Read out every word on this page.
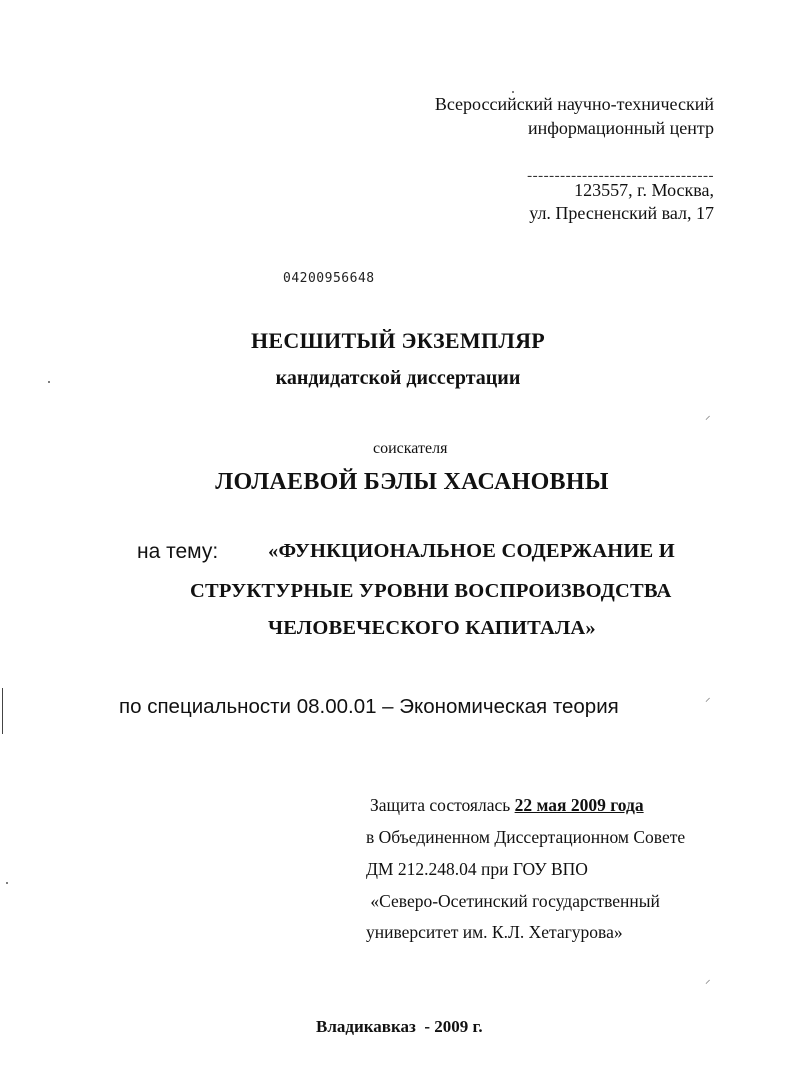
Всероссийский научно-технический
информационный центр
----------------------------------
123557, г. Москва,
ул. Пресненский вал, 17
04200956648
НЕСШИТЫЙ ЭКЗЕМПЛЯР
кандидатской диссертации
соискателя
ЛОЛАЕВОЙ БЭЛЫ ХАСАНОВНЫ
на тему: «ФУНКЦИОНАЛЬНОЕ СОДЕРЖАНИЕ И
СТРУКТУРНЫЕ УРОВНИ ВОСПРОИЗВОДСТВА
ЧЕЛОВЕЧЕСКОГО КАПИТАЛА»
по специальности 08.00.01 – Экономическая теория
Защита состоялась 22 мая 2009 года
в Объединенном Диссертационном Совете
ДМ 212.248.04 при ГОУ ВПО
«Северо-Осетинский государственный
университет им. К.Л. Хетагурова»
Владикавказ  - 2009 г.
⸝
⸝
⸝
